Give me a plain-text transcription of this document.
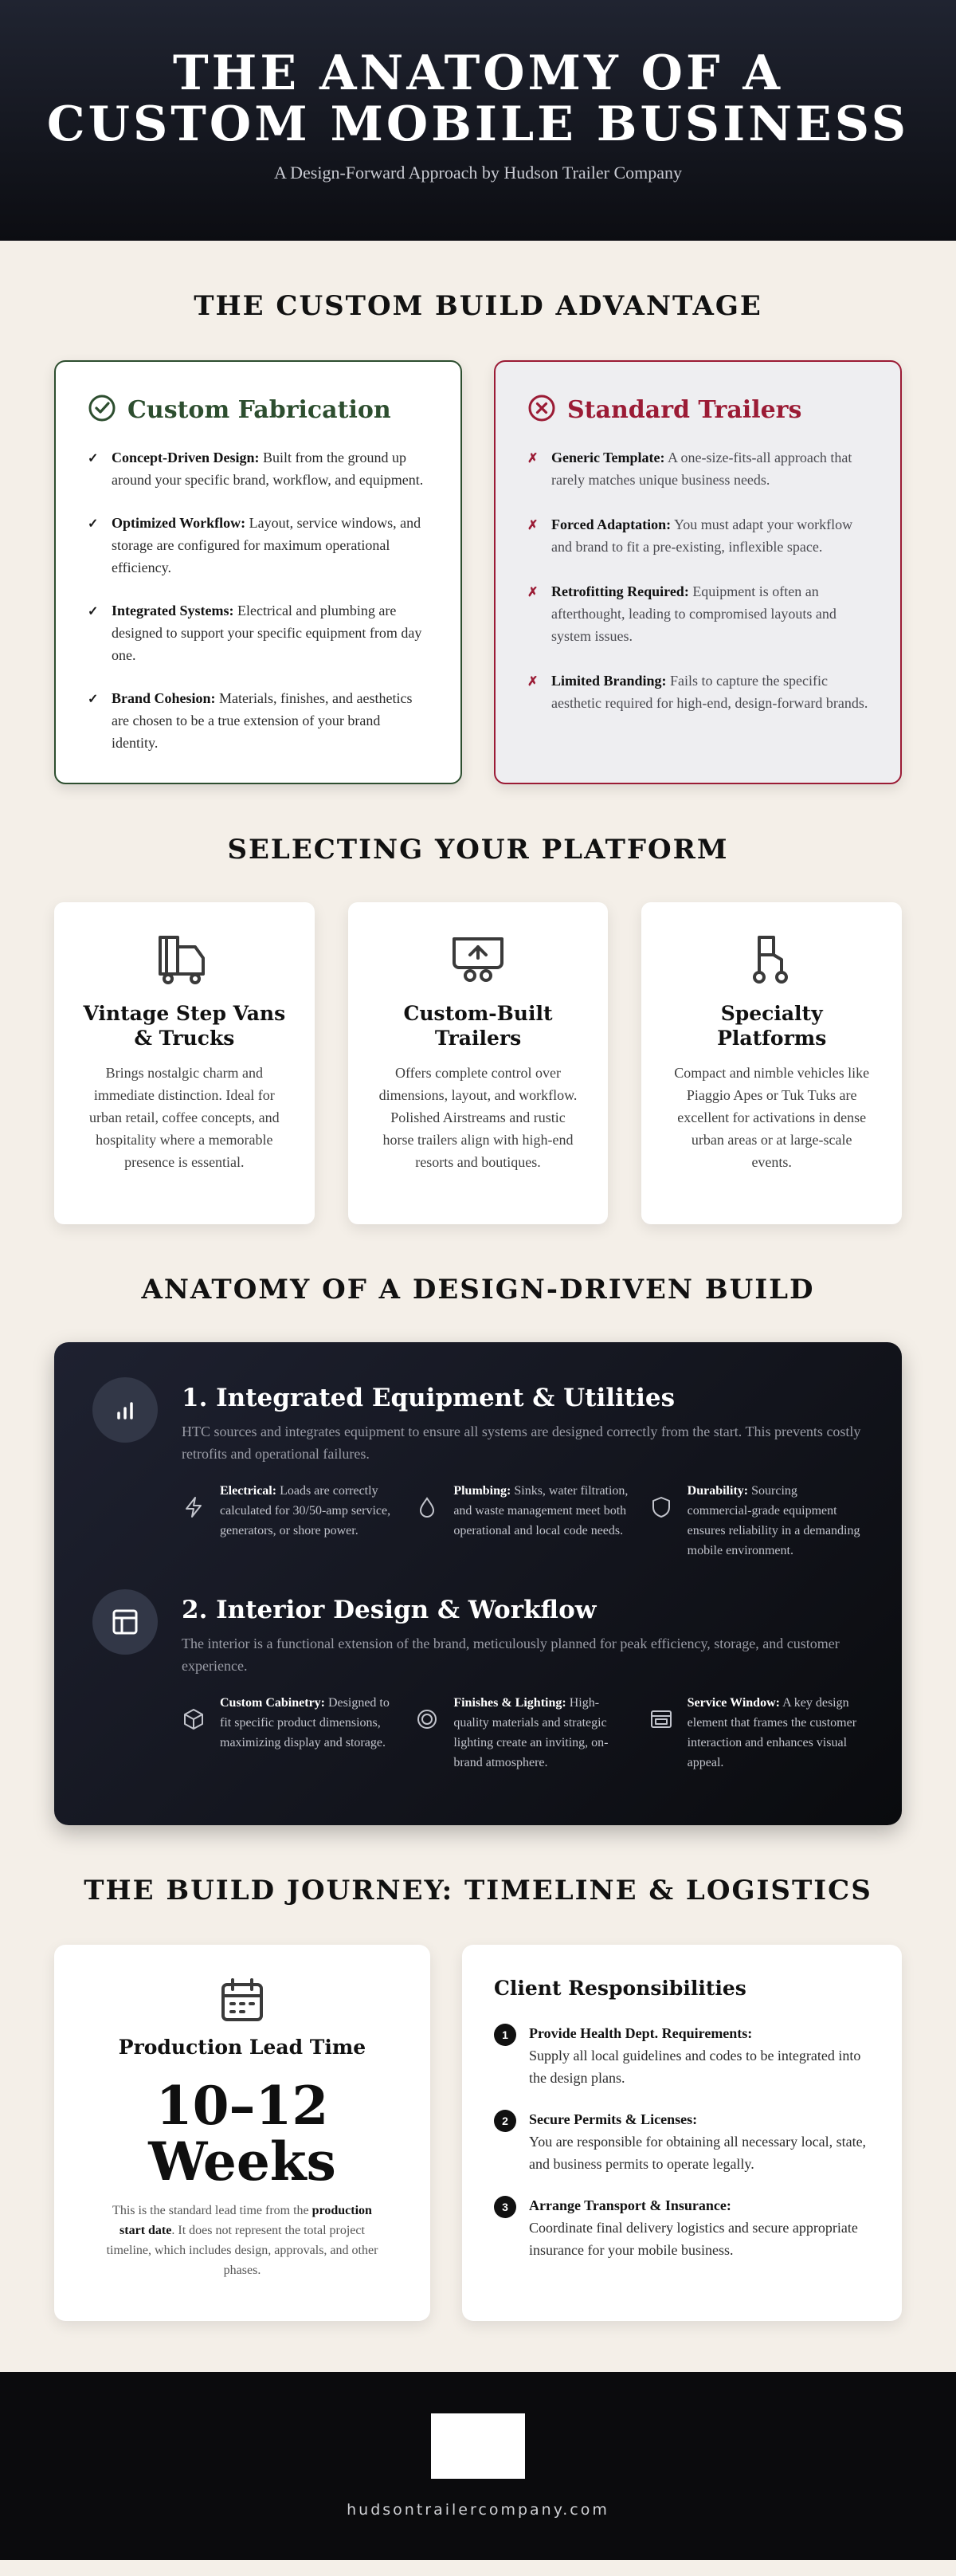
THE ANATOMY OF A
CUSTOM MOBILE BUSINESS
A Design-Forward Approach by Hudson Trailer Company
THE CUSTOM BUILD ADVANTAGE
Custom Fabrication
✓ Concept-Driven Design: Built from the ground up around your specific brand, workflow, and equipment.
✓ Optimized Workflow: Layout, service windows, and storage are configured for maximum operational efficiency.
✓ Integrated Systems: Electrical and plumbing are designed to support your specific equipment from day one.
✓ Brand Cohesion: Materials, finishes, and aesthetics are chosen to be a true extension of your brand identity.
Standard Trailers
✗ Generic Template: A one-size-fits-all approach that rarely matches unique business needs.
✗ Forced Adaptation: You must adapt your workflow and brand to fit a pre-existing, inflexible space.
✗ Retrofitting Required: Equipment is often an afterthought, leading to compromised layouts and system issues.
✗ Limited Branding: Fails to capture the specific aesthetic required for high-end, design-forward brands.
SELECTING YOUR PLATFORM
Vintage Step Vans & Trucks

Brings nostalgic charm and immediate distinction. Ideal for urban retail, coffee concepts, and hospitality where a memorable presence is essential.

Custom-Built Trailers

Offers complete control over dimensions, layout, and workflow. Polished Airstreams and rustic horse trailers align with high-end resorts and boutiques.

Specialty Platforms

Compact and nimble vehicles like Piaggio Apes or Tuk Tuks are excellent for activations in dense urban areas or at large-scale events.

ANATOMY OF A DESIGN-DRIVEN BUILD
1. Integrated Equipment & Utilities

HTC sources and integrates equipment to ensure all systems are designed correctly from the start. This prevents costly retrofits and operational failures.

Electrical: Loads are correctly calculated for 30/50-amp service, generators, or shore power.
Plumbing: Sinks, water filtration, and waste management meet both operational and local code needs.
Durability: Sourcing commercial-grade equipment ensures reliability in a demanding mobile environment.
2. Interior Design & Workflow

The interior is a functional extension of the brand, meticulously planned for peak efficiency, storage, and customer experience.

Custom Cabinetry: Designed to fit specific product dimensions, maximizing display and storage.
Finishes & Lighting: High-quality materials and strategic lighting create an inviting, on-brand atmosphere.
Service Window: A key design element that frames the customer interaction and enhances visual appeal.
THE BUILD JOURNEY: TIMELINE & LOGISTICS
Production Lead Time
10–12
Weeks

This is the standard lead time from the production start date. It does not represent the total project timeline, which includes design, approvals, and other phases.

Client Responsibilities
1	Provide Health Dept. Requirements:
Supply all local guidelines and codes to be integrated into the design plans.
2	Secure Permits & Licenses:
You are responsible for obtaining all necessary local, state, and business permits to operate legally.
3	Arrange Transport & Insurance:
Coordinate final delivery logistics and secure appropriate insurance for your mobile business.
hudsontrailercompany.com
